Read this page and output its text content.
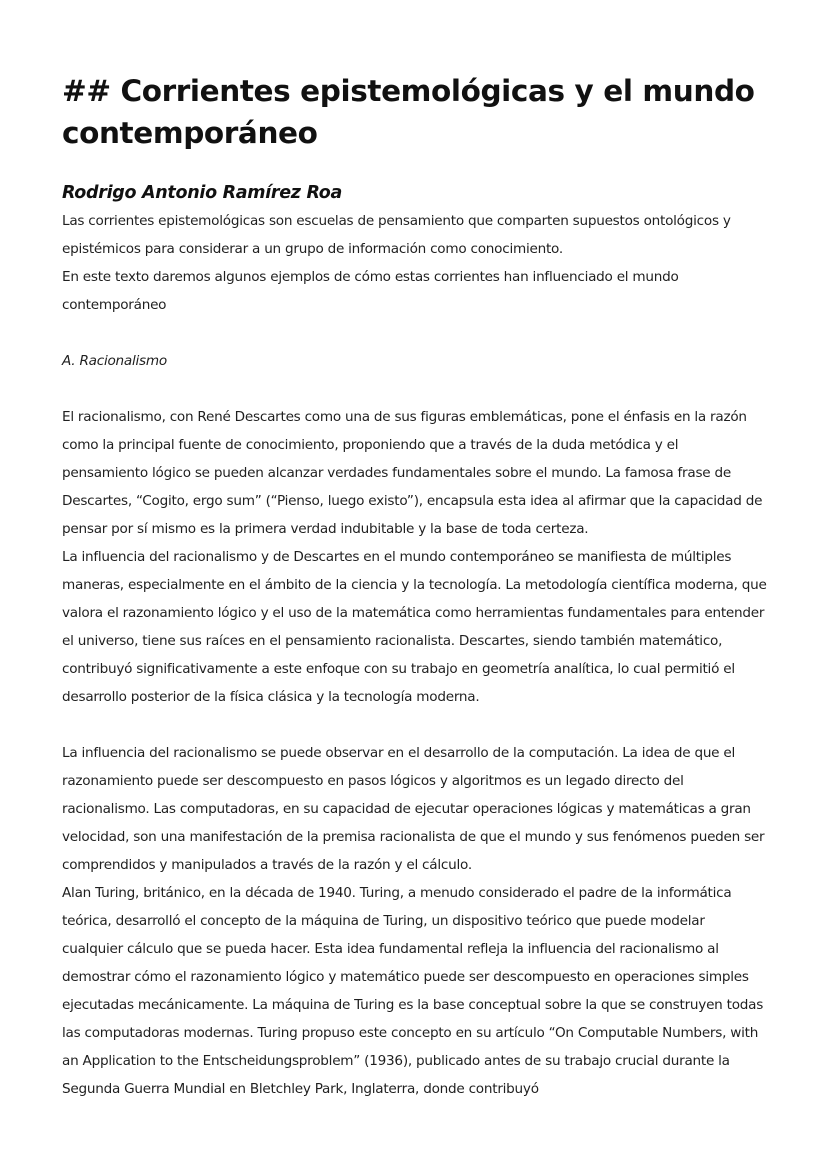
## Corrientes epistemológicas y el mundo contemporáneo
Rodrigo Antonio Ramírez Roa

Las corrientes epistemológicas son escuelas de pensamiento que comparten supuestos ontológicos y epistémicos para considerar a un grupo de información como conocimiento.

En este texto daremos algunos ejemplos de cómo estas corrientes han influenciado el mundo contemporáneo

A. Racionalismo

El racionalismo, con René Descartes como una de sus figuras emblemáticas, pone el énfasis en la razón como la principal fuente de conocimiento, proponiendo que a través de la duda metódica y el pensamiento lógico se pueden alcanzar verdades fundamentales sobre el mundo. La famosa frase de Descartes, “Cogito, ergo sum” (“Pienso, luego existo”), encapsula esta idea al afirmar que la capacidad de pensar por sí mismo es la primera verdad indubitable y la base de toda certeza.

La influencia del racionalismo y de Descartes en el mundo contemporáneo se manifiesta de múltiples maneras, especialmente en el ámbito de la ciencia y la tecnología. La metodología científica moderna, que valora el razonamiento lógico y el uso de la matemática como herramientas fundamentales para entender el universo, tiene sus raíces en el pensamiento racionalista. Descartes, siendo también matemático, contribuyó significativamente a este enfoque con su trabajo en geometría analítica, lo cual permitió el desarrollo posterior de la física clásica y la tecnología moderna.

La influencia del racionalismo se puede observar en el desarrollo de la computación. La idea de que el razonamiento puede ser descompuesto en pasos lógicos y algoritmos es un legado directo del racionalismo. Las computadoras, en su capacidad de ejecutar operaciones lógicas y matemáticas a gran velocidad, son una manifestación de la premisa racionalista de que el mundo y sus fenómenos pueden ser comprendidos y manipulados a través de la razón y el cálculo.

Alan Turing, británico, en la década de 1940. Turing, a menudo considerado el padre de la informática teórica, desarrolló el concepto de la máquina de Turing, un dispositivo teórico que puede modelar cualquier cálculo que se pueda hacer. Esta idea fundamental refleja la influencia del racionalismo al demostrar cómo el razonamiento lógico y matemático puede ser descompuesto en operaciones simples ejecutadas mecánicamente. La máquina de Turing es la base conceptual sobre la que se construyen todas las computadoras modernas. Turing propuso este concepto en su artículo “On Computable Numbers, with an Application to the Entscheidungsproblem” (1936), publicado antes de su trabajo crucial durante la Segunda Guerra Mundial en Bletchley Park, Inglaterra, donde contribuyó
